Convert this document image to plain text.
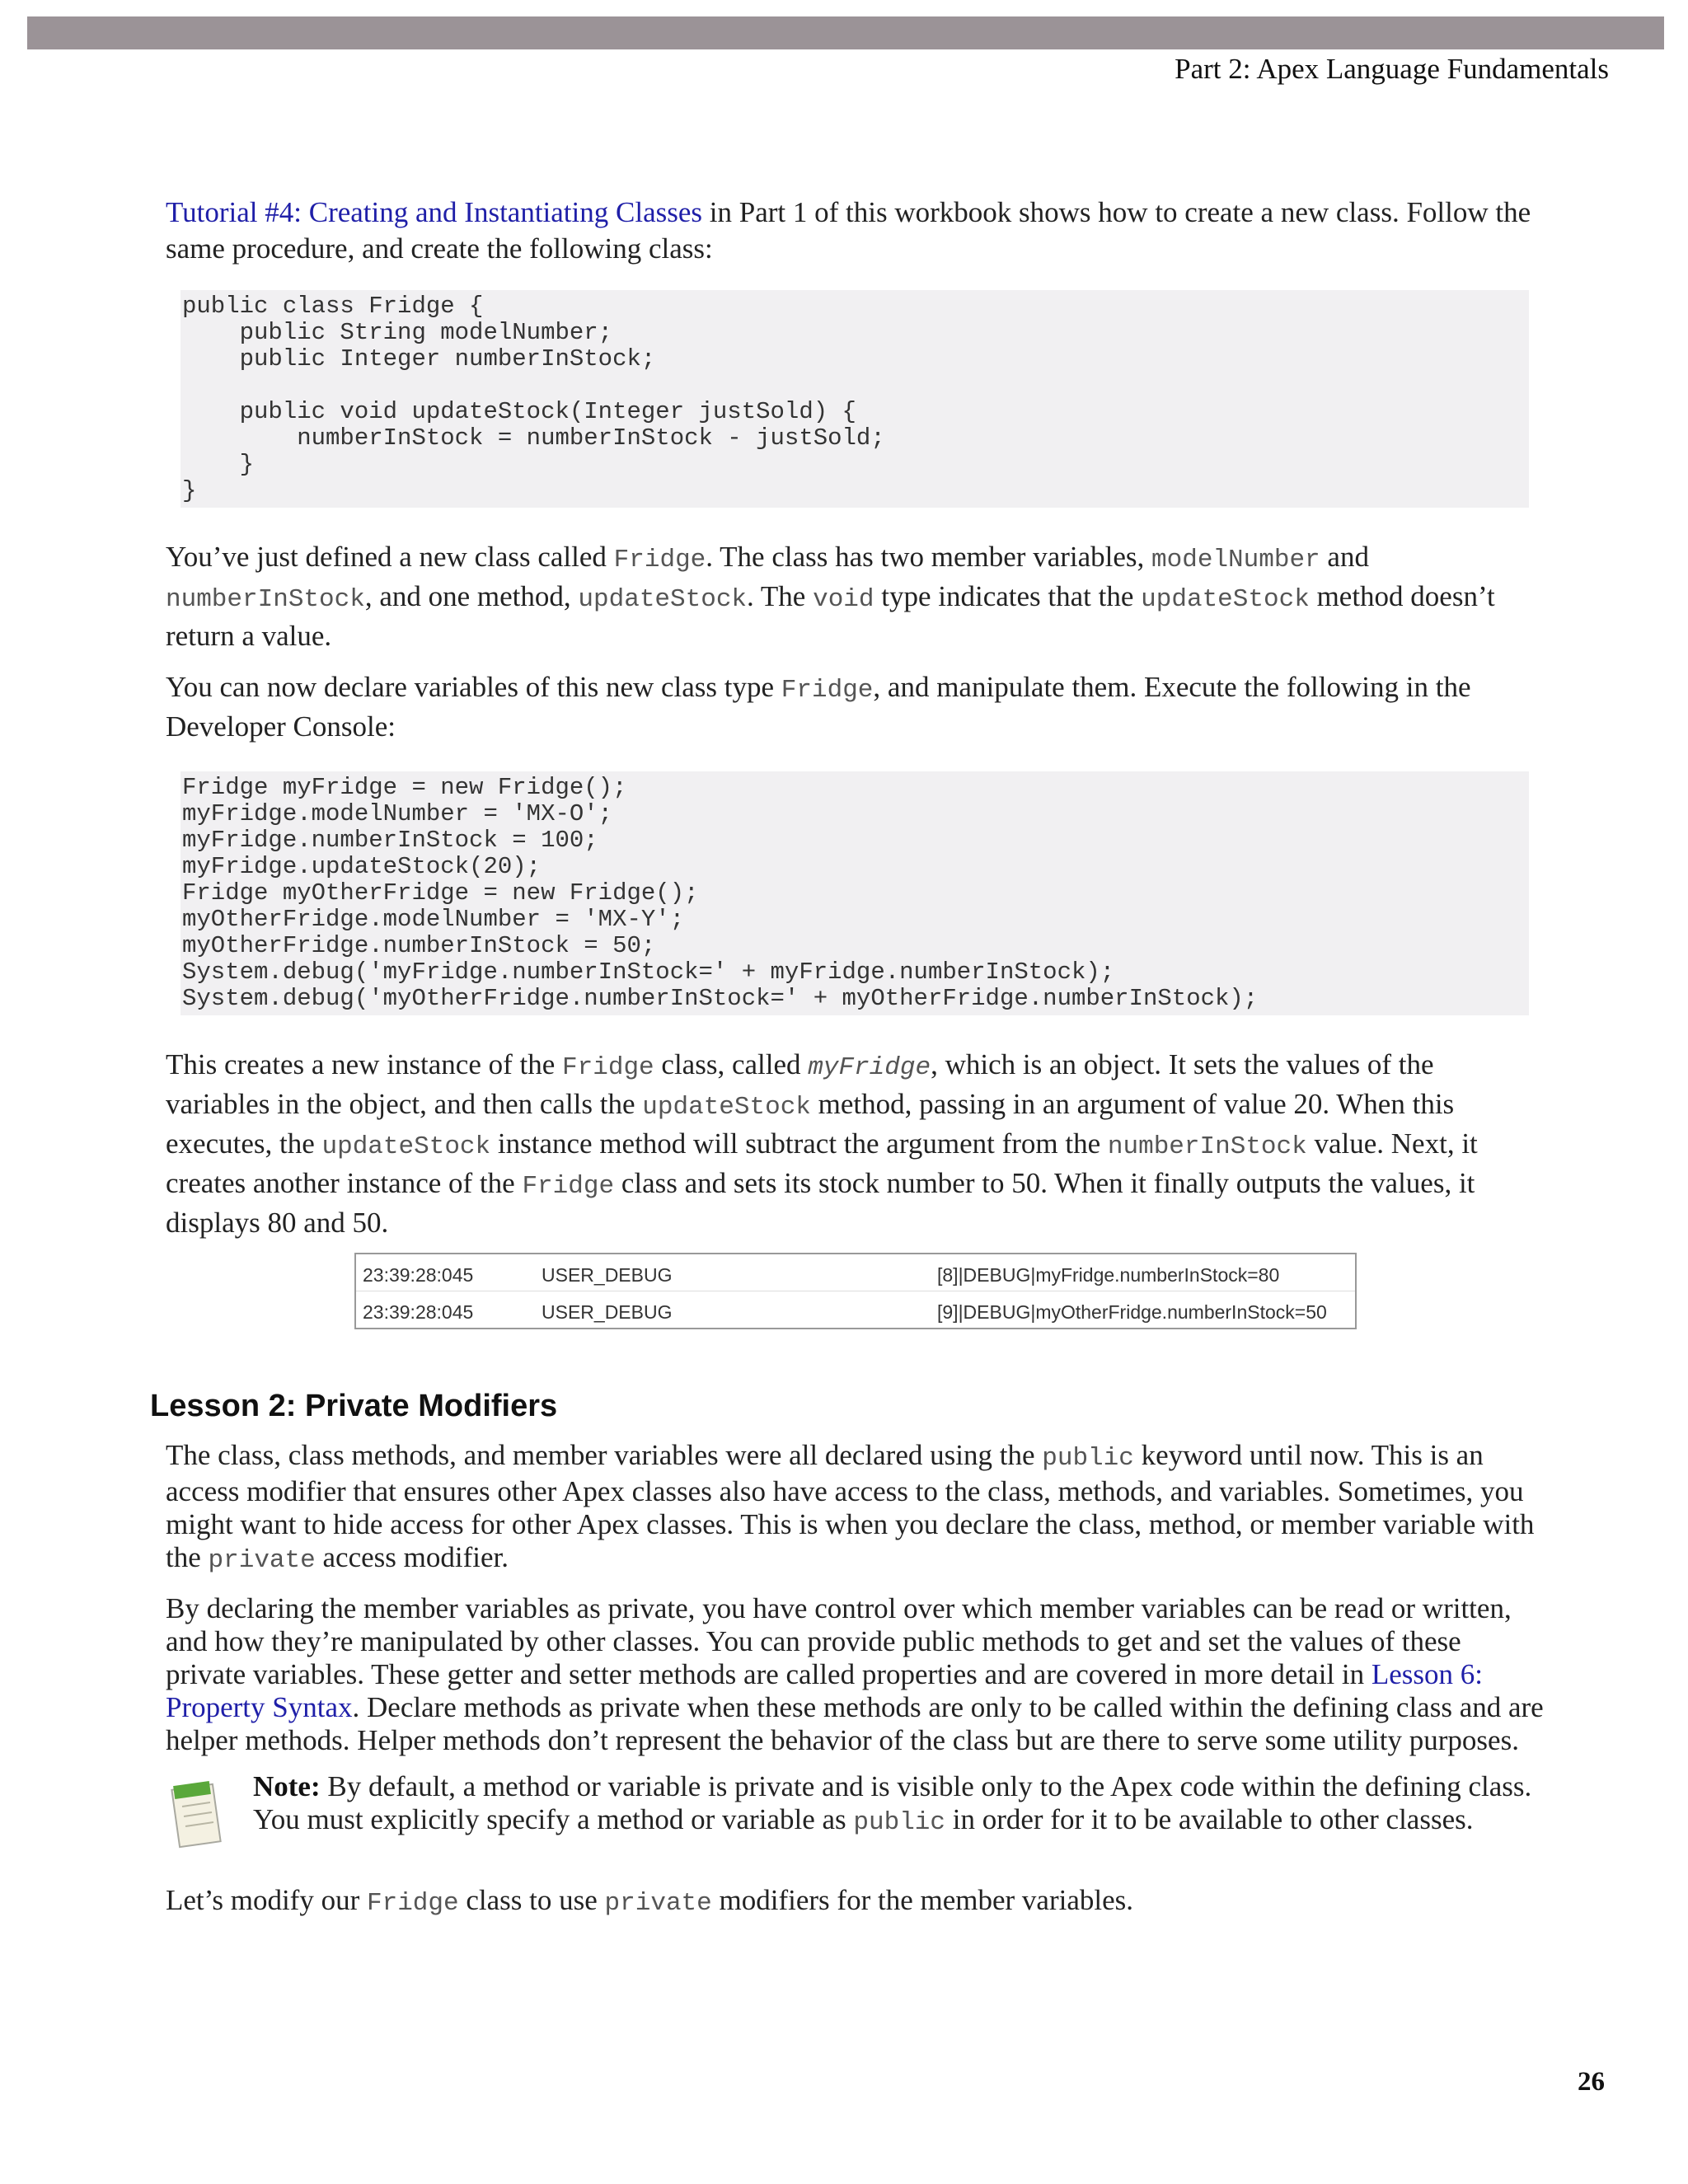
Part 2: Apex Language Fundamentals

Tutorial #4: Creating and Instantiating Classes in Part 1 of this workbook shows how to create a new class. Follow the same procedure, and create the following class:

public class Fridge {
public String modelNumber;
public Integer numberInStock;

public void updateStock(Integer justSold) {
numberInStock = numberInStock - justSold;
}
}

You’ve just defined a new class called Fridge. The class has two member variables, modelNumber and numberInStock, and one method, updateStock. The void type indicates that the updateStock method doesn’t return a value.

You can now declare variables of this new class type Fridge, and manipulate them. Execute the following in the Developer Console:

Fridge myFridge = new Fridge();
myFridge.modelNumber = 'MX-O';
myFridge.numberInStock = 100;
myFridge.updateStock(20);
Fridge myOtherFridge = new Fridge();
myOtherFridge.modelNumber = 'MX-Y';
myOtherFridge.numberInStock = 50;
System.debug('myFridge.numberInStock=' + myFridge.numberInStock);
System.debug('myOtherFridge.numberInStock=' + myOtherFridge.numberInStock);

This creates a new instance of the Fridge class, called myFridge, which is an object. It sets the values of the variables in the object, and then calls the updateStock method, passing in an argument of value 20. When this executes, the updateStock instance method will subtract the argument from the numberInStock value. Next, it creates another instance of the Fridge class and sets its stock number to 50. When it finally outputs the values, it displays 80 and 50.

23:39:28:045	USER_DEBUG	[8]|DEBUG|myFridge.numberInStock=80
23:39:28:045	USER_DEBUG	[9]|DEBUG|myOtherFridge.numberInStock=50
Lesson 2: Private Modifiers

The class, class methods, and member variables were all declared using the public keyword until now. This is an access modifier that ensures other Apex classes also have access to the class, methods, and variables. Sometimes, you might want to hide access for other Apex classes. This is when you declare the class, method, or member variable with the private access modifier.

By declaring the member variables as private, you have control over which member variables can be read or written, and how they’re manipulated by other classes. You can provide public methods to get and set the values of these private variables. These getter and setter methods are called properties and are covered in more detail in Lesson 6: Property Syntax. Declare methods as private when these methods are only to be called within the defining class and are helper methods. Helper methods don’t represent the behavior of the class but are there to serve some utility purposes.

Note: By default, a method or variable is private and is visible only to the Apex code within the defining class. You must explicitly specify a method or variable as public in order for it to be available to other classes.

Let’s modify our Fridge class to use private modifiers for the member variables.

26
